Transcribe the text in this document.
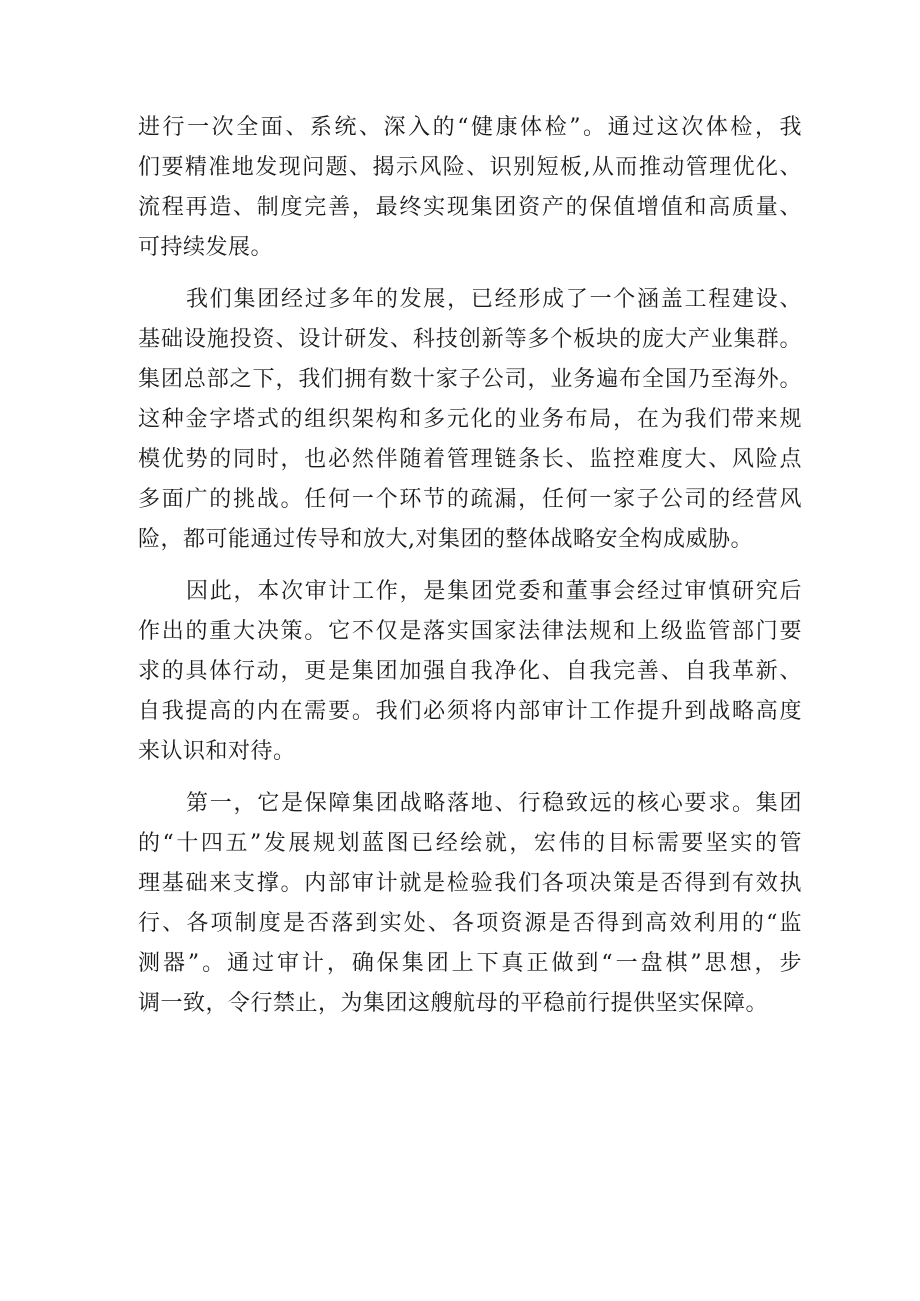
进行一次全面、系统、深入的“健康体检”。通过这次体检，我
们要精准地发现问题、揭示风险、识别短板,从而推动管理优化、
流程再造、制度完善，最终实现集团资产的保值增值和高质量、
可持续发展。
我们集团经过多年的发展，已经形成了一个涵盖工程建设、
基础设施投资、设计研发、科技创新等多个板块的庞大产业集群。
集团总部之下，我们拥有数十家子公司，业务遍布全国乃至海外。
这种金字塔式的组织架构和多元化的业务布局，在为我们带来规
模优势的同时，也必然伴随着管理链条长、监控难度大、风险点
多面广的挑战。任何一个环节的疏漏，任何一家子公司的经营风
险，都可能通过传导和放大,对集团的整体战略安全构成威胁。
因此，本次审计工作，是集团党委和董事会经过审慎研究后
作出的重大决策。它不仅是落实国家法律法规和上级监管部门要
求的具体行动，更是集团加强自我净化、自我完善、自我革新、
自我提高的内在需要。我们必须将内部审计工作提升到战略高度
来认识和对待。
第一，它是保障集团战略落地、行稳致远的核心要求。集团
的“十四五”发展规划蓝图已经绘就，宏伟的目标需要坚实的管
理基础来支撑。内部审计就是检验我们各项决策是否得到有效执
行、各项制度是否落到实处、各项资源是否得到高效利用的“监
测器”。通过审计，确保集团上下真正做到“一盘棋”思想，步
调一致，令行禁止，为集团这艘航母的平稳前行提供坚实保障。
